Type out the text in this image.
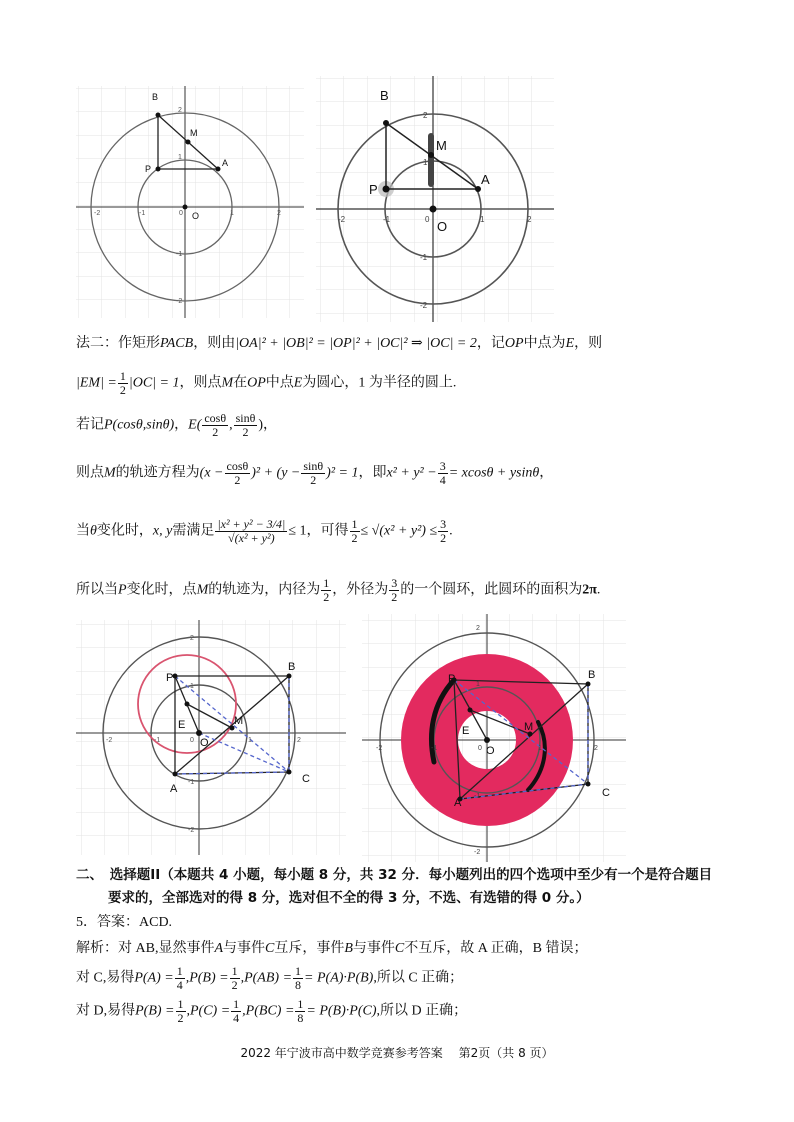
B
M
P
A
O
-2	-1	0	1	2
2
1
-1
-2
B
M
P
A
O
-2	-1	0	1	2
2
1
-1
-2
法二：作矩形PACB，则由|OA|² + |OB|² = |OP|² + |OC|² ⇒ |OC| = 2，记OP中点为E，则
$|EM| = \frac{1}{2} |OC| = 1$，则点M在OP中点E为圆心，1 为半径的圆上.
若记P(cosθ,sinθ)，$E( \frac{\cos\theta}{2}$ , $\frac{\sin\theta}{2}$ )，
则点M的轨迹方程为$(x - \frac{\cos\theta}{2} )^2 + (y - \frac{\sin\theta}{2} )^2 = 1$，即$x^2 + y^2 - \frac{3}{4} = xcos\theta + ysin\theta$，
当θ变化时，x, y需满足 $\frac{\text{|x² + y² − 3/4|}}{\text{√(x² + y²)}} \le 1$，可得 $\frac{1}{2} \le √(x^2 + y^2) \le \frac{3}{2}$ .
所以当P变化时，点M的轨迹为，内径为 $\frac{1}{2}$ ，外径为 $\frac{3}{2}$ 的一个圆环，此圆环的面积为2π.
B
P
E	M
O
A
C
-2	-1	0	1	2
2
1
-1
-2
B
P
E	M
O
A
C
-2	-1	0	1	2
2
1
-1
-2
二、　选择题II（本题共 4 小题，每小题 8 分，共 32 分．每小题列出的四个选项中至少有一个是符合题目
要求的，全部选对的得 8 分，选对但不全的得 3 分，不选、有选错的得 0 分。）
5．答案：ACD.
解析：对 AB,显然事件A与事件C互斥，事件B与事件C不互斥，故 A 正确，B 错误；
对 C,易得$P(A) = \frac{1}{4} ,P(B) = \frac{1}{2} ,P(AB) = \frac{1}{8} = P(A)\cdot P(B)$,所以 C 正确；
对 D,易得$P(B) = \frac{1}{2} ,P(C) = \frac{1}{4} ,P(BC) = \frac{1}{8} = P(B)\cdot P(C)$,所以 D 正确；
2022 年宁波市高中数学竞赛参考答案　 第2页（共 8 页）
